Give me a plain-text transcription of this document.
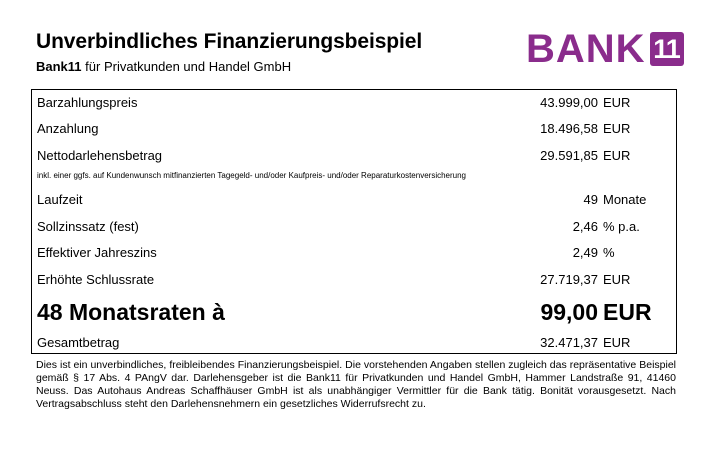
Unverbindliches Finanzierungsbeispiel
Bank11 für Privatkunden und Handel GmbH	BANK 11
Barzahlungspreis	43.999,00 EUR
Anzahlung	18.496,58 EUR
Nettodarlehensbetrag	29.591,85 EUR
inkl. einer ggfs. auf Kundenwunsch mitfinanzierten Tagegeld- und/oder Kaufpreis- und/oder Reparaturkostenversicherung
Laufzeit	49 Monate
Sollzinssatz (fest)	2,46 % p.a.
Effektiver Jahreszins	2,49 %
Erhöhte Schlussrate	27.719,37 EUR
48 Monatsraten à	99,00 EUR
Gesamtbetrag	32.471,37 EUR
Dies ist ein unverbindliches, freibleibendes Finanzierungsbeispiel. Die vorstehenden Angaben stellen zugleich das repräsentative Beispiel gemäß § 17 Abs. 4 PAngV dar. Darlehensgeber ist die Bank11 für Privatkunden und Handel GmbH, Hammer Landstraße 91, 41460 Neuss. Das Autohaus Andreas Schaffhäuser GmbH ist als unabhängiger Vermittler für die Bank tätig. Bonität vorausgesetzt. Nach Vertragsabschluss steht den Darlehensnehmern ein gesetzliches Widerrufsrecht zu.
